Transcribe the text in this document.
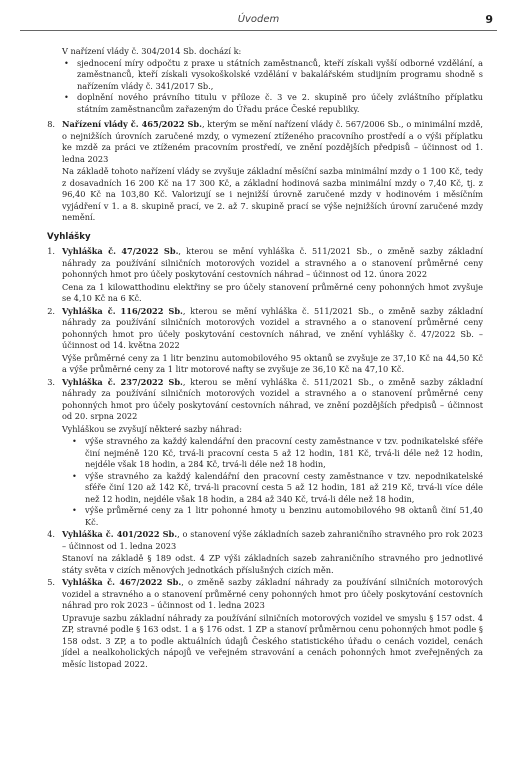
Úvodem	9

V nařízení vlády č. 304/2014 Sb. dochází k:

• sjednocení míry odpočtu z praxe u státních zaměstnanců, kteří získali vyšší odborné vzdělání, a zaměstnanců, kteří získali vysokoškolské vzdělání v bakalářském studijním programu shodně s nařízením vlády č. 341/2017 Sb.,
• doplnění nového právního titulu v příloze č. 3 ve 2. skupině pro účely zvláštního příplatku státním zaměstnancům zařazeným do Úřadu práce České republiky.
8. Nařízení vlády č. 465/2022 Sb., kterým se mění nařízení vlády č. 567/2006 Sb., o minimální mzdě, o nejnižších úrovních zaručené mzdy, o vymezení ztíženého pracovního prostředí a o výši příplatku ke mzdě za práci ve ztíženém pracovním prostředí, ve znění pozdějších předpisů – účinnost od 1. ledna 2023

Na základě tohoto nařízení vlády se zvyšuje základní měsíční sazba minimální mzdy o 1 100 Kč, tedy z dosavadních 16 200 Kč na 17 300 Kč, a základní hodinová sazba minimální mzdy o 7,40 Kč, tj. z 96,40 Kč na 103,80 Kč. Valorizují se i nejnižší úrovně zaručené mzdy v hodinovém i měsíčním vyjádření v 1. a 8. skupině prací, ve 2. až 7. skupině prací se výše nejnižších úrovní zaručené mzdy nemění.

Vyhlášky
1. Vyhláška č. 47/2022 Sb., kterou se mění vyhláška č. 511/2021 Sb., o změně sazby základní náhrady za používání silničních motorových vozidel a stravného a o stanovení průměrné ceny pohonných hmot pro účely poskytování cestovních náhrad – účinnost od 12. února 2022

Cena za 1 kilowatthodinu elektřiny se pro účely stanovení průměrné ceny pohonných hmot zvyšuje se 4,10 Kč na 6 Kč.

2. Vyhláška č. 116/2022 Sb., kterou se mění vyhláška č. 511/2021 Sb., o změně sazby základní náhrady za používání silničních motorových vozidel a stravného a o stanovení průměrné ceny pohonných hmot pro účely poskytování cestovních náhrad, ve znění vyhlášky č. 47/2022 Sb. – účinnost od 14. května 2022

Výše průměrné ceny za 1 litr benzinu automobilového 95 oktanů se zvyšuje ze 37,10 Kč na 44,50 Kč a výše průměrné ceny za 1 litr motorové nafty se zvyšuje ze 36,10 Kč na 47,10 Kč.

3. Vyhláška č. 237/2022 Sb., kterou se mění vyhláška č. 511/2021 Sb., o změně sazby základní náhrady za používání silničních motorových vozidel a stravného a o stanovení průměrné ceny pohonných hmot pro účely poskytování cestovních náhrad, ve znění pozdějších předpisů – účinnost od 20. srpna 2022

Vyhláškou se zvyšují některé sazby náhrad:

• výše stravného za každý kalendářní den pracovní cesty zaměstnance v tzv. podnikatelské sféře činí nejméně 120 Kč, trvá-li pracovní cesta 5 až 12 hodin, 181 Kč, trvá-li déle než 12 hodin, nejdéle však 18 hodin, a 284 Kč, trvá-li déle než 18 hodin,
• výše stravného za každý kalendářní den pracovní cesty zaměstnance v tzv. nepodnikatelské sféře činí 120 až 142 Kč, trvá-li pracovní cesta 5 až 12 hodin, 181 až 219 Kč, trvá-li více déle než 12 hodin, nejdéle však 18 hodin, a 284 až 340 Kč, trvá-li déle než 18 hodin,
• výše průměrné ceny za 1 litr pohonné hmoty u benzinu automobilového 98 oktanů činí 51,40 Kč.
4. Vyhláška č. 401/2022 Sb., o stanovení výše základních sazeb zahraničního stravného pro rok 2023 – účinnost od 1. ledna 2023

Stanoví na základě § 189 odst. 4 ZP výši základních sazeb zahraničního stravného pro jednotlivé státy světa v cizích měnových jednotkách příslušných cizích měn.

5. Vyhláška č. 467/2022 Sb., o změně sazby základní náhrady za používání silničních motorových vozidel a stravného a o stanovení průměrné ceny pohonných hmot pro účely poskytování cestovních náhrad pro rok 2023 – účinnost od 1. ledna 2023

Upravuje sazbu základní náhrady za používání silničních motorových vozidel ve smyslu § 157 odst. 4 ZP, stravné podle § 163 odst. 1 a § 176 odst. 1 ZP a stanoví průměrnou cenu pohonných hmot podle § 158 odst. 3 ZP, a to podle aktuálních údajů Českého statistického úřadu o cenách vozidel, cenách jídel a nealkoholických nápojů ve veřejném stravování a cenách pohonných hmot zveřejněných za měsíc listopad 2022.
